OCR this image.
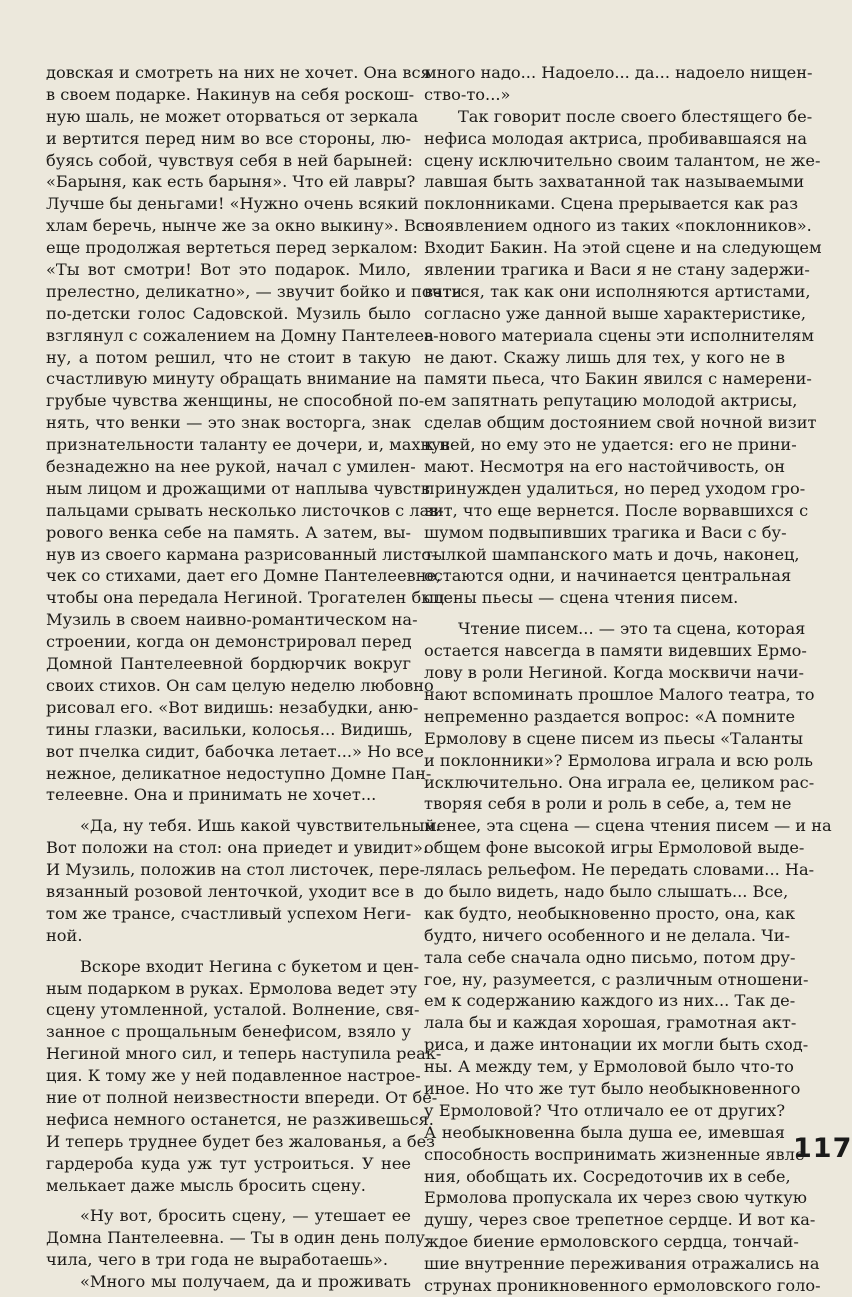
довская и смотреть на них не хочет. Она вся
в своем подарке. Накинув на себя роскош-
ную шаль, не может оторваться от зеркала
и вертится перед ним во все стороны, лю-
буясь собой, чувствуя себя в ней барыней:
«Барыня, как есть барыня». Что ей лавры?
Лучше бы деньгами! «Нужно очень всякий
хлам беречь, нынче же за окно выкину». Все
еще продолжая вертеться перед зеркалом:
«Ты вот смотри! Вот это подарок. Мило,
прелестно, деликатно», — звучит бойко и почти
по-детски голос Садовской. Музиль было
взглянул с сожалением на Домну Пантелеев-
ну, а потом решил, что не стоит в такую
счастливую минуту обращать внимание на
грубые чувства женщины, не способной по-
нять, что венки — это знак восторга, знак
признательности таланту ее дочери, и, махнув
безнадежно на нее рукой, начал с умилен-
ным лицом и дрожащими от наплыва чувств
пальцами срывать несколько листочков с лав-
рового венка себе на память. А затем, вы-
нув из своего кармана разрисованный листо-
чек со стихами, дает его Домне Пантелеевне,
чтобы она передала Негиной. Трогателен был
Музиль в своем наивно-романтическом на-
строении, когда он демонстрировал перед
Домной Пантелеевной бордюрчик вокруг
своих стихов. Он сам целую неделю любовно
рисовал его. «Вот видишь: незабудки, аню-
тины глазки, васильки, колосья... Видишь,
вот пчелка сидит, бабочка летает...» Но все
нежное, деликатное недоступно Домне Пан-
телеевне. Она и принимать не хочет...
«Да, ну тебя. Ишь какой чувствительный.
Вот положи на стол: она приедет и увидит».
И Музиль, положив на стол листочек, пере-
вязанный розовой ленточкой, уходит все в
том же трансе, счастливый успехом Неги-
ной.
Вскоре входит Негина с букетом и цен-
ным подарком в руках. Ермолова ведет эту
сцену утомленной, усталой. Волнение, свя-
занное с прощальным бенефисом, взяло у
Негиной много сил, и теперь наступила реак-
ция. К тому же у ней подавленное настрое-
ние от полной неизвестности впереди. От бе-
нефиса немного останется, не разживешься.
И теперь труднее будет без жалованья, а без
гардероба куда уж тут устроиться. У нее
мелькает даже мысль бросить сцену.
«Ну вот, бросить сцену, — утешает ее
Домна Пантелеевна. — Ты в один день полу-
чила, чего в три года не выработаешь».
«Много мы получаем, да и проживать
много надо... Надоело... да... надоело нищен-
ство-то...»
Так говорит после своего блестящего бе-
нефиса молодая актриса, пробивавшаяся на
сцену исключительно своим талантом, не же-
лавшая быть захватанной так называемыми
поклонниками. Сцена прерывается как раз
появлением одного из таких «поклонников».
Входит Бакин. На этой сцене и на следующем
явлении трагика и Васи я не стану задержи-
ваться, так как они исполняются артистами,
согласно уже данной выше характеристике,
а нового материала сцены эти исполнителям
не дают. Скажу лишь для тех, у кого не в
памяти пьеса, что Бакин явился с намерени-
ем запятнать репутацию молодой актрисы,
сделав общим достоянием свой ночной визит
к ней, но ему это не удается: его не прини-
мают. Несмотря на его настойчивость, он
принужден удалиться, но перед уходом гро-
зит, что еще вернется. После ворвавшихся с
шумом подвыпивших трагика и Васи с бу-
тылкой шампанского мать и дочь, наконец,
остаются одни, и начинается центральная
сцены пьесы — сцена чтения писем.
Чтение писем... — это та сцена, которая
остается навсегда в памяти видевших Ермо-
лову в роли Негиной. Когда москвичи начи-
нают вспоминать прошлое Малого театра, то
непременно раздается вопрос: «А помните
Ермолову в сцене писем из пьесы «Таланты
и поклонники»? Ермолова играла и всю роль
исключительно. Она играла ее, целиком рас-
творяя себя в роли и роль в себе, а, тем не
менее, эта сцена — сцена чтения писем — и на
общем фоне высокой игры Ермоловой выде-
лялась рельефом. Не передать словами... На-
до было видеть, надо было слышать... Все,
как будто, необыкновенно просто, она, как
будто, ничего особенного и не делала. Чи-
тала себе сначала одно письмо, потом дру-
гое, ну, разумеется, с различным отношени-
ем к содержанию каждого из них... Так де-
лала бы и каждая хорошая, грамотная акт-
риса, и даже интонации их могли быть сход-
ны. А между тем, у Ермоловой было что-то
иное. Но что же тут было необыкновенного
у Ермоловой? Что отличало ее от других?
А необыкновенна была душа ее, имевшая
способность воспринимать жизненные явле-
ния, обобщать их. Сосредоточив их в себе,
Ермолова пропускала их через свою чуткую
душу, через свое трепетное сердце. И вот ка-
ждое биение ермоловского сердца, тончай-
шие внутренние переживания отражались на
струнах проникновенного ермоловского голо-
117
